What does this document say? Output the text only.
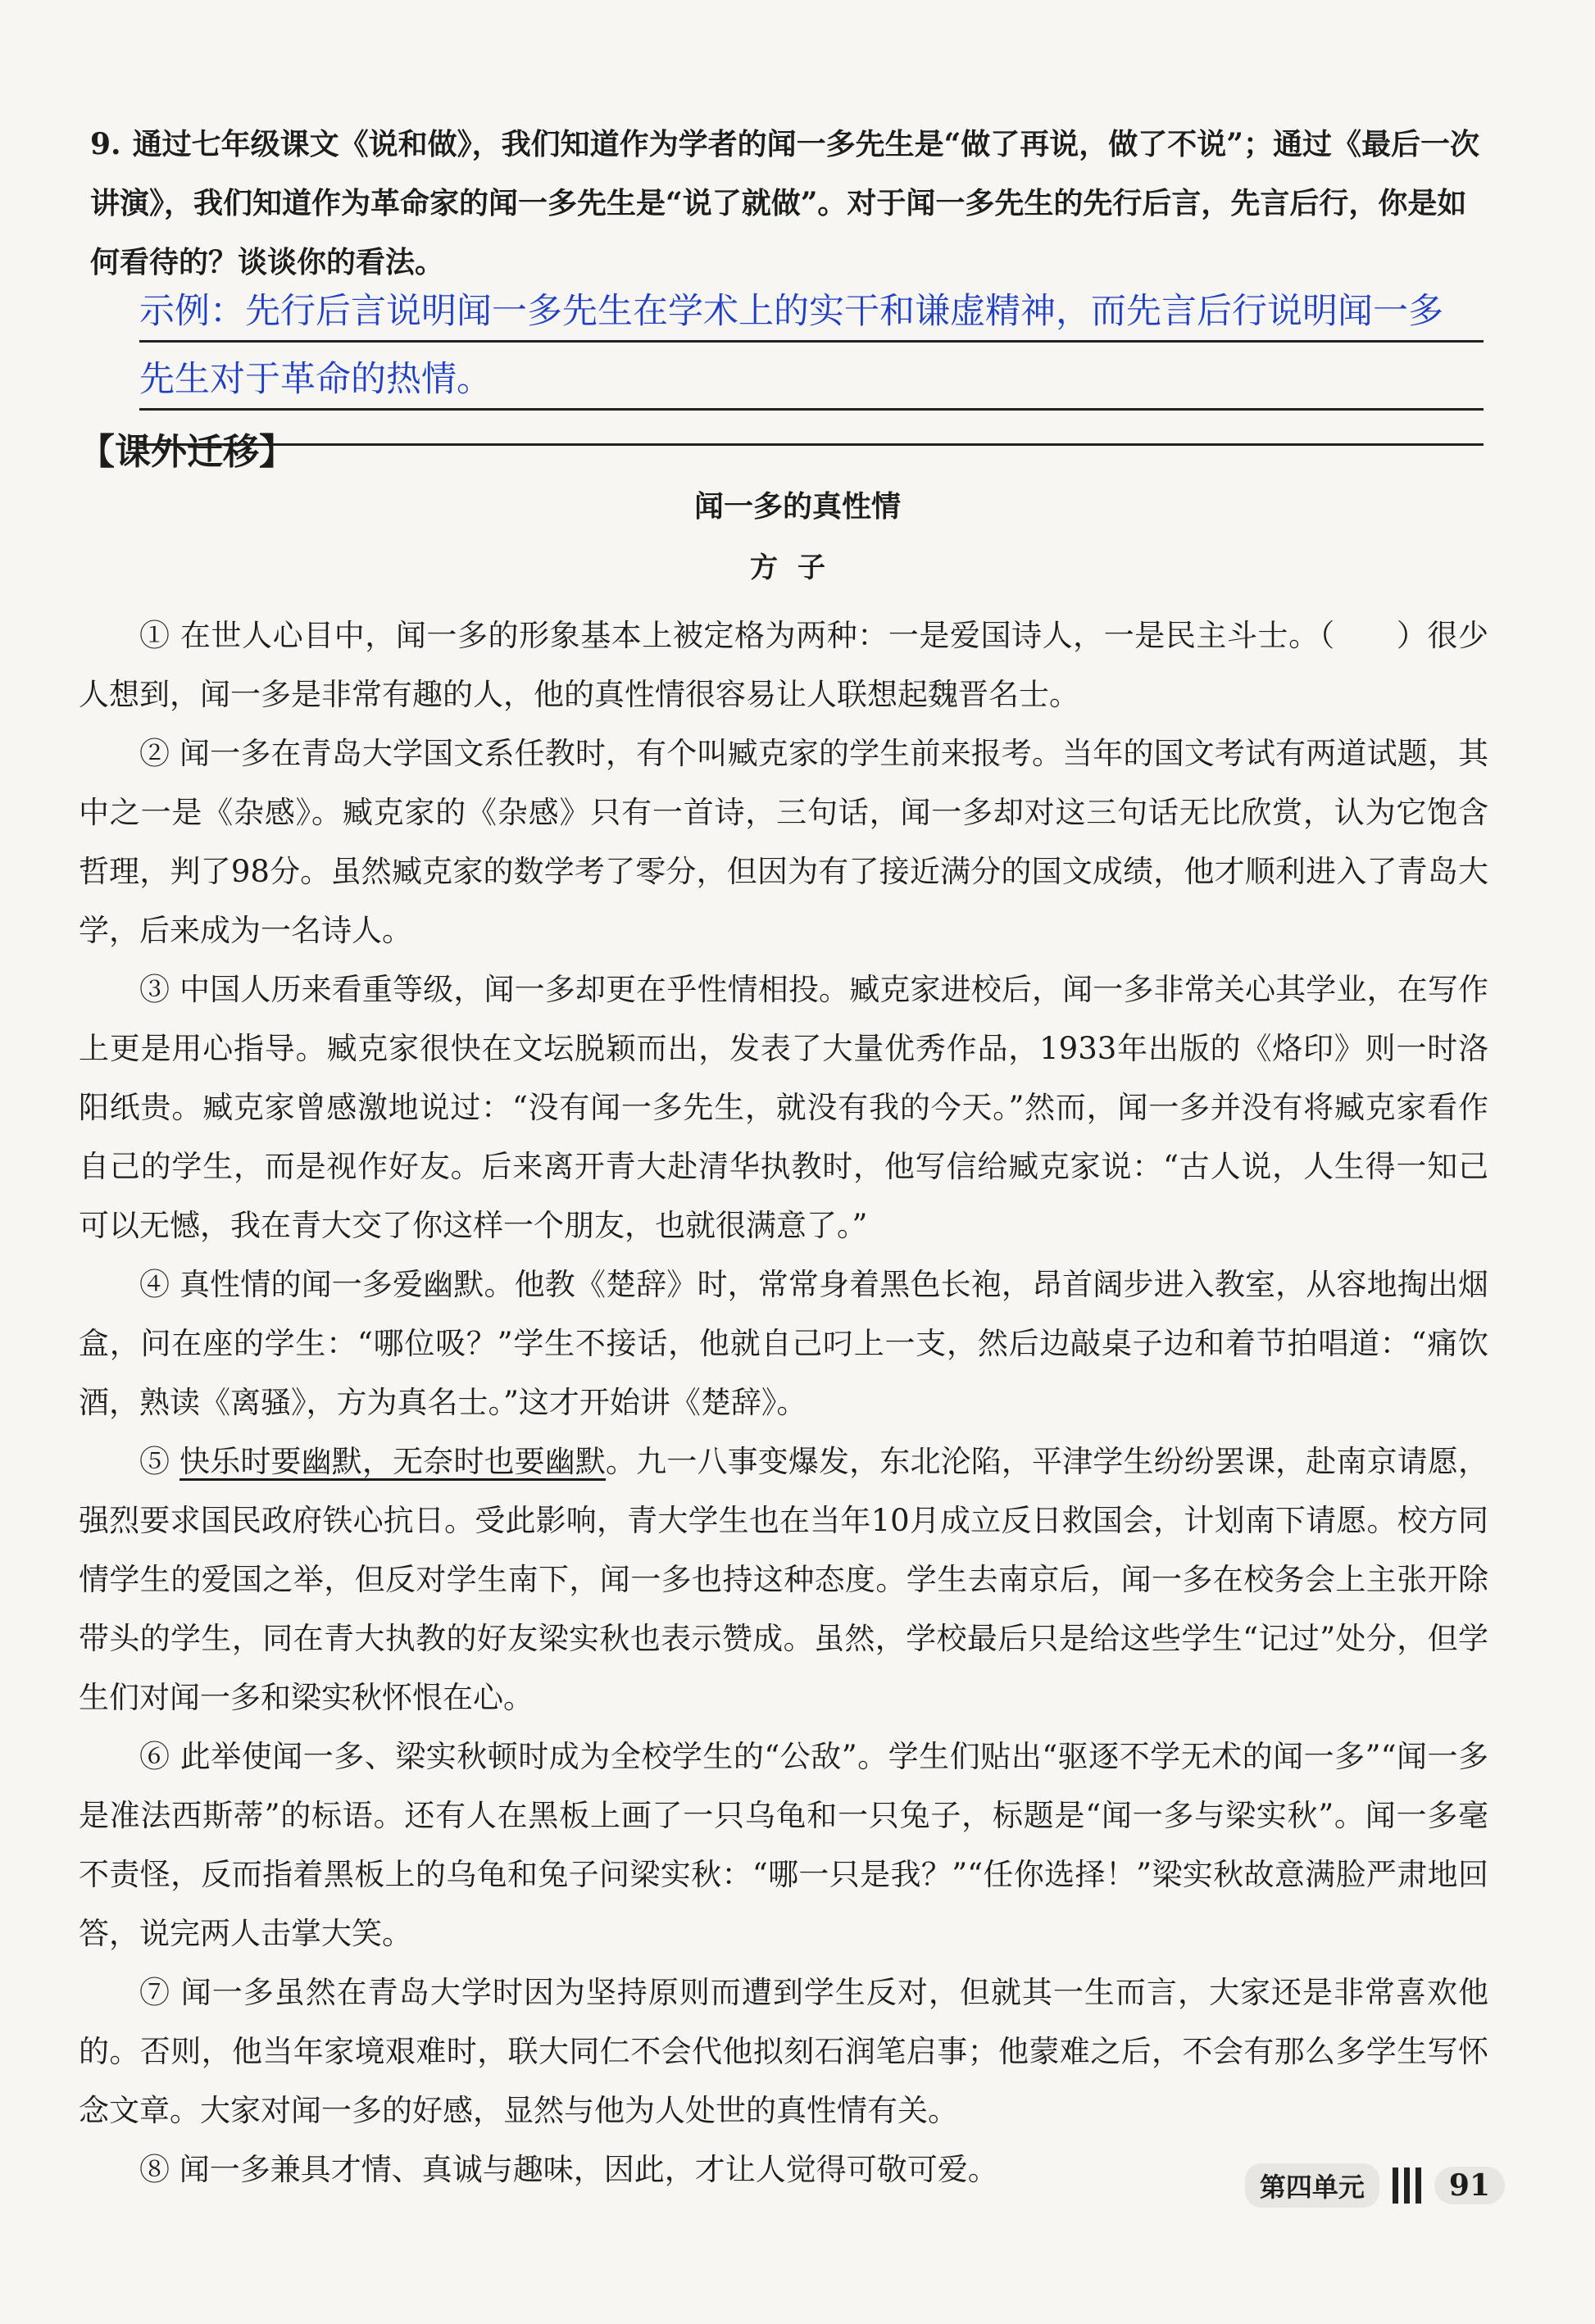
9. 通过七年级课文《说和做》，我们知道作为学者的闻一多先生是“做了再说，做了不说”；通过《最后一次讲演》，我们知道作为革命家的闻一多先生是“说了就做”。对于闻一多先生的先行后言，先言后行，你是如何看待的？谈谈你的看法。
示例：先行后言说明闻一多先生在学术上的实干和谦虚精神，而先言后行说明闻一多
先生对于革命的热情。
【课外迁移】
闻一多的真性情
方子

① 在世人心目中，闻一多的形象基本上被定格为两种：一是爱国诗人，一是民主斗士。（　　）很少人想到，闻一多是非常有趣的人，他的真性情很容易让人联想起魏晋名士。

② 闻一多在青岛大学国文系任教时，有个叫臧克家的学生前来报考。当年的国文考试有两道试题，其中之一是《杂感》。臧克家的《杂感》只有一首诗，三句话，闻一多却对这三句话无比欣赏，认为它饱含哲理，判了98分。虽然臧克家的数学考了零分，但因为有了接近满分的国文成绩，他才顺利进入了青岛大学，后来成为一名诗人。

③ 中国人历来看重等级，闻一多却更在乎性情相投。臧克家进校后，闻一多非常关心其学业，在写作上更是用心指导。臧克家很快在文坛脱颖而出，发表了大量优秀作品，1933年出版的《烙印》则一时洛阳纸贵。臧克家曾感激地说过：“没有闻一多先生，就没有我的今天。”然而，闻一多并没有将臧克家看作自己的学生，而是视作好友。后来离开青大赴清华执教时，他写信给臧克家说：“古人说，人生得一知己可以无憾，我在青大交了你这样一个朋友，也就很满意了。”

④ 真性情的闻一多爱幽默。他教《楚辞》时，常常身着黑色长袍，昂首阔步进入教室，从容地掏出烟盒，问在座的学生：“哪位吸？”学生不接话，他就自己叼上一支，然后边敲桌子边和着节拍唱道：“痛饮酒，熟读《离骚》，方为真名士。”这才开始讲《楚辞》。

⑤ 快乐时要幽默，无奈时也要幽默。九一八事变爆发，东北沦陷，平津学生纷纷罢课，赴南京请愿，强烈要求国民政府铁心抗日。受此影响，青大学生也在当年10月成立反日救国会，计划南下请愿。校方同情学生的爱国之举，但反对学生南下，闻一多也持这种态度。学生去南京后，闻一多在校务会上主张开除带头的学生，同在青大执教的好友梁实秋也表示赞成。虽然，学校最后只是给这些学生“记过”处分，但学生们对闻一多和梁实秋怀恨在心。

⑥ 此举使闻一多、梁实秋顿时成为全校学生的“公敌”。学生们贴出“驱逐不学无术的闻一多”“闻一多是准法西斯蒂”的标语。还有人在黑板上画了一只乌龟和一只兔子，标题是“闻一多与梁实秋”。闻一多毫不责怪，反而指着黑板上的乌龟和兔子问梁实秋：“哪一只是我？”“任你选择！”梁实秋故意满脸严肃地回答，说完两人击掌大笑。

⑦ 闻一多虽然在青岛大学时因为坚持原则而遭到学生反对，但就其一生而言，大家还是非常喜欢他的。否则，他当年家境艰难时，联大同仁不会代他拟刻石润笔启事；他蒙难之后，不会有那么多学生写怀念文章。大家对闻一多的好感，显然与他为人处世的真性情有关。

⑧ 闻一多兼具才情、真诚与趣味，因此，才让人觉得可敬可爱。	第四单元	91
